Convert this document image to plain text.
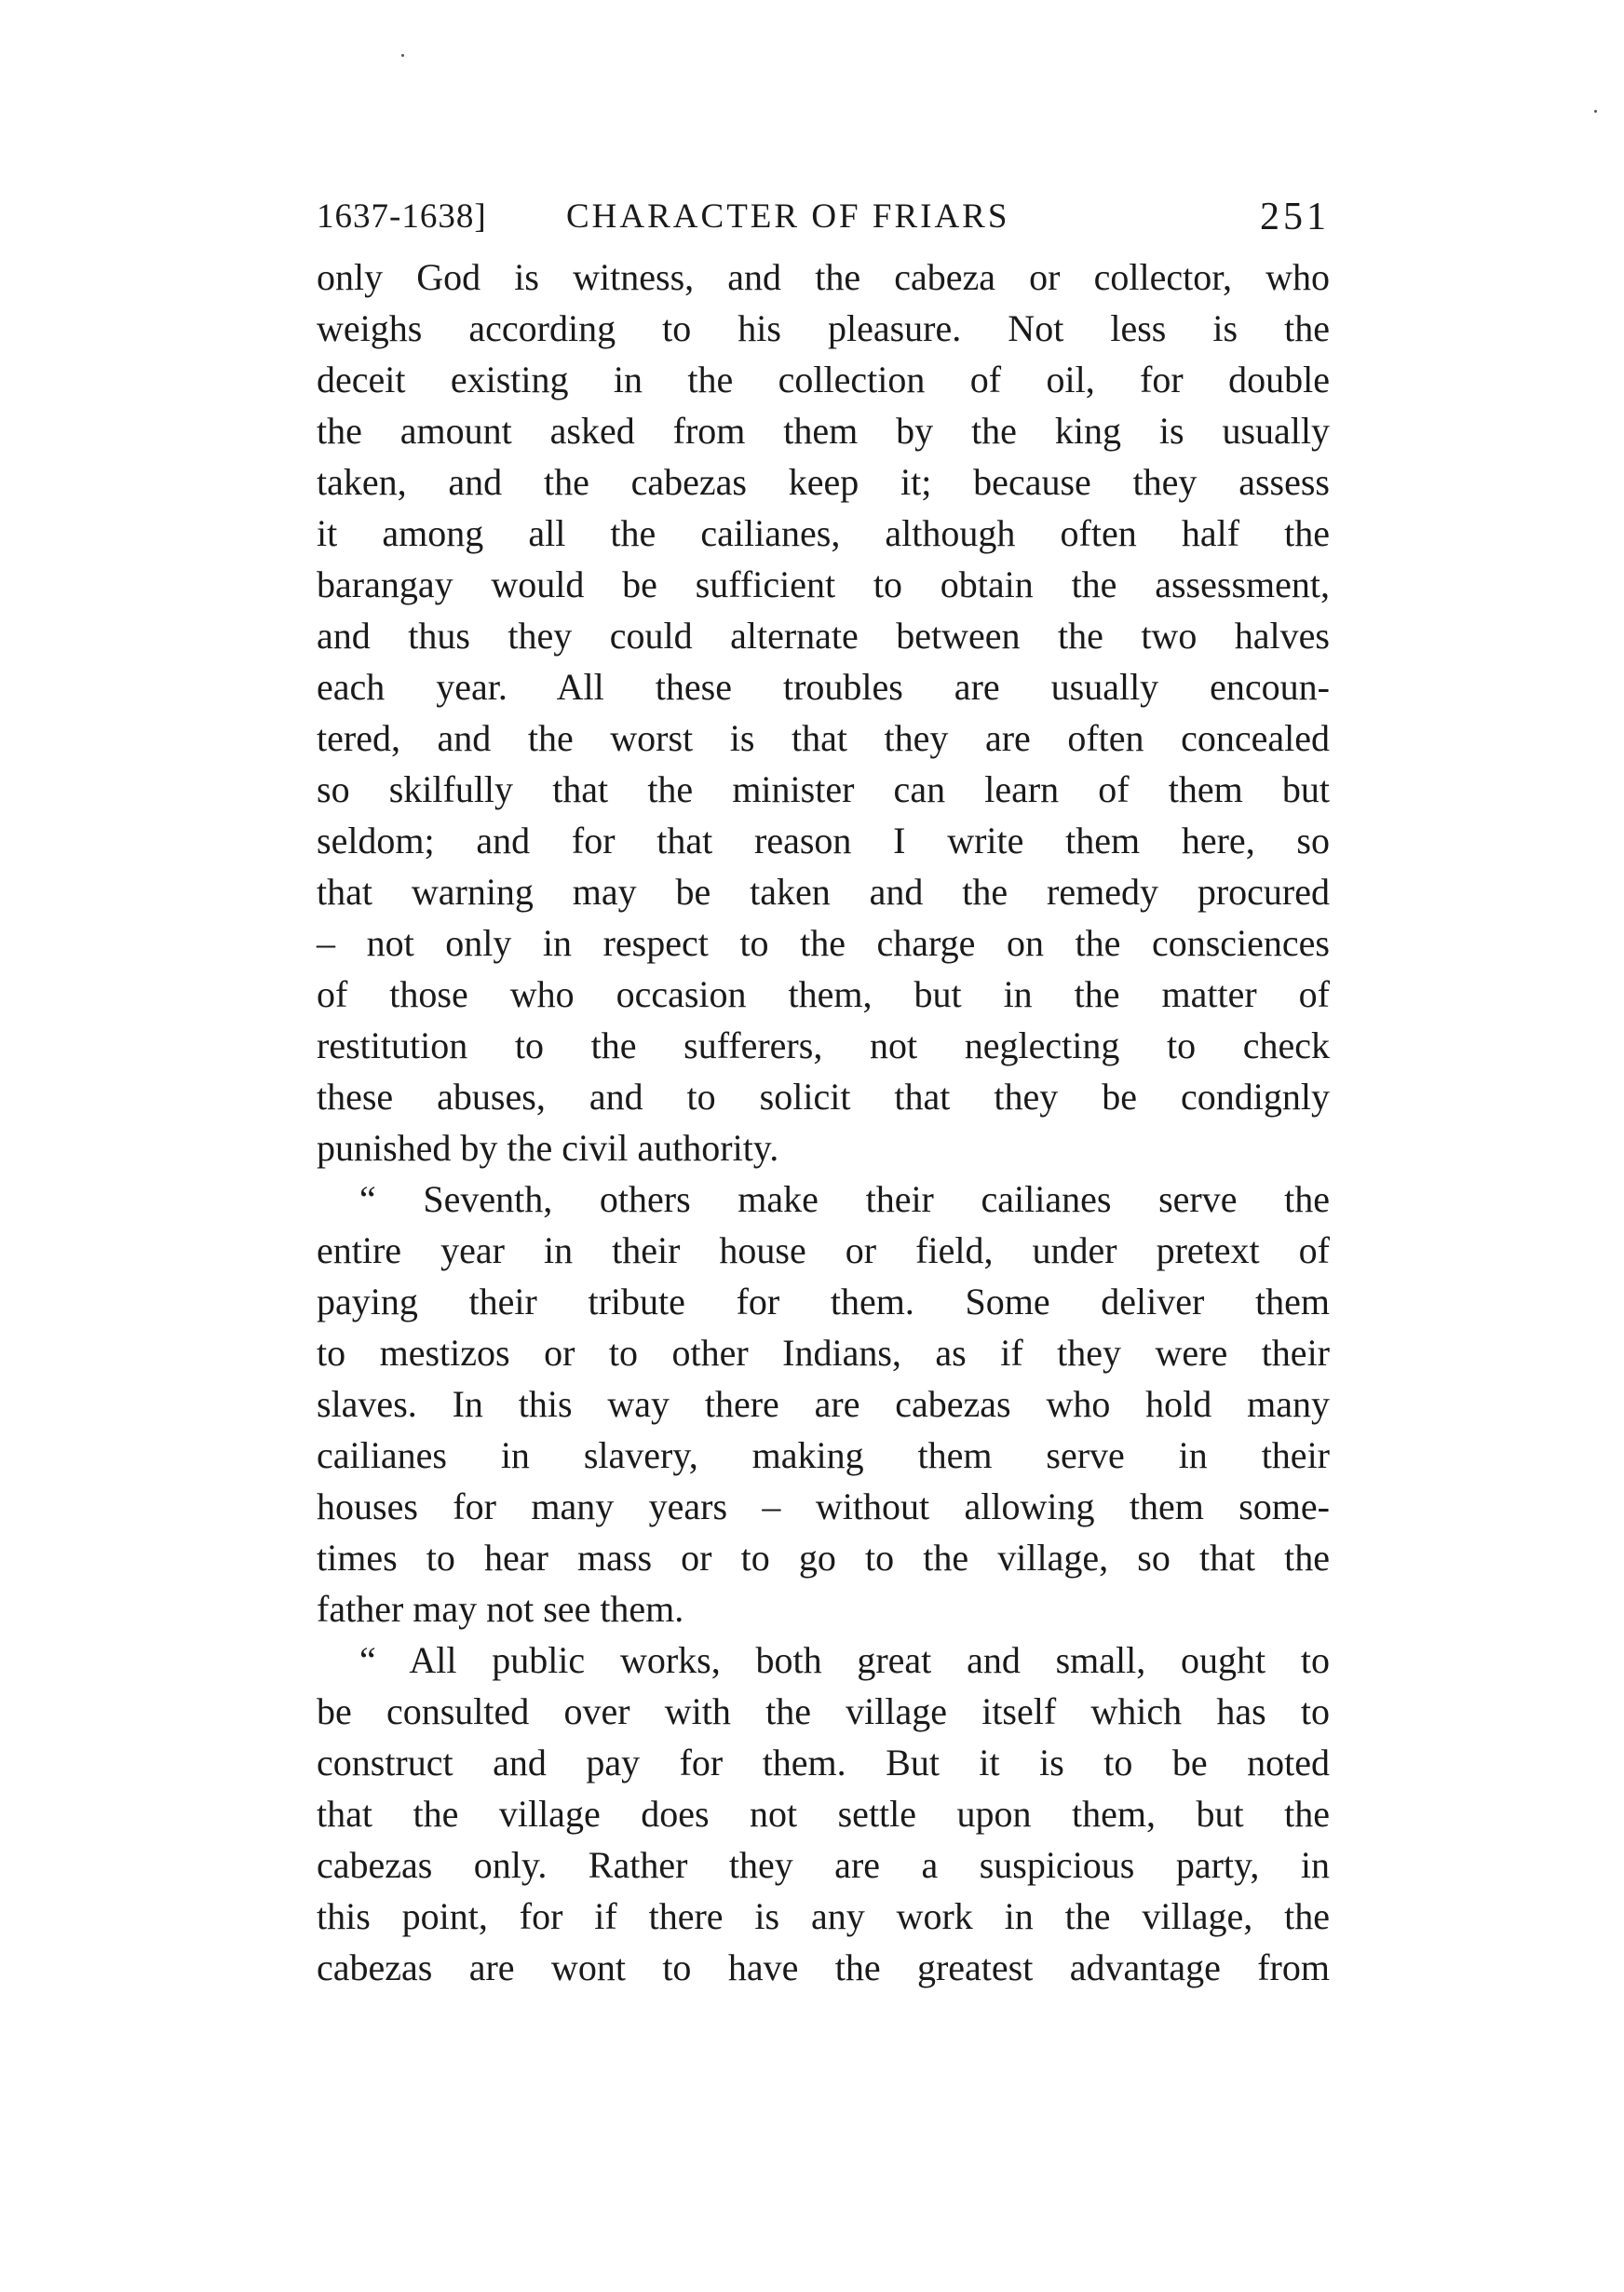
1637-1638] CHARACTER OF FRIARS	251
only God is witness, and the cabeza or collector, who
weighs according to his pleasure. Not less is the
deceit existing in the collection of oil, for double
the amount asked from them by the king is usually
taken, and the cabezas keep it; because they assess
it among all the cailianes, although often half the
barangay would be sufficient to obtain the assessment,
and thus they could alternate between the two halves
each year. All these troubles are usually encoun-
tered, and the worst is that they are often concealed
so skilfully that the minister can learn of them but
seldom; and for that reason I write them here, so
that warning may be taken and the remedy procured
– not only in respect to the charge on the consciences
of those who occasion them, but in the matter of
restitution to the sufferers, not neglecting to check
these abuses, and to solicit that they be condignly
punished by the civil authority.
“ Seventh, others make their cailianes serve the
entire year in their house or field, under pretext of
paying their tribute for them. Some deliver them
to mestizos or to other Indians, as if they were their
slaves. In this way there are cabezas who hold many
cailianes in slavery, making them serve in their
houses for many years – without allowing them some-
times to hear mass or to go to the village, so that the
father may not see them.
“ All public works, both great and small, ought to
be consulted over with the village itself which has to
construct and pay for them. But it is to be noted
that the village does not settle upon them, but the
cabezas only. Rather they are a suspicious party, in
this point, for if there is any work in the village, the
cabezas are wont to have the greatest advantage from
